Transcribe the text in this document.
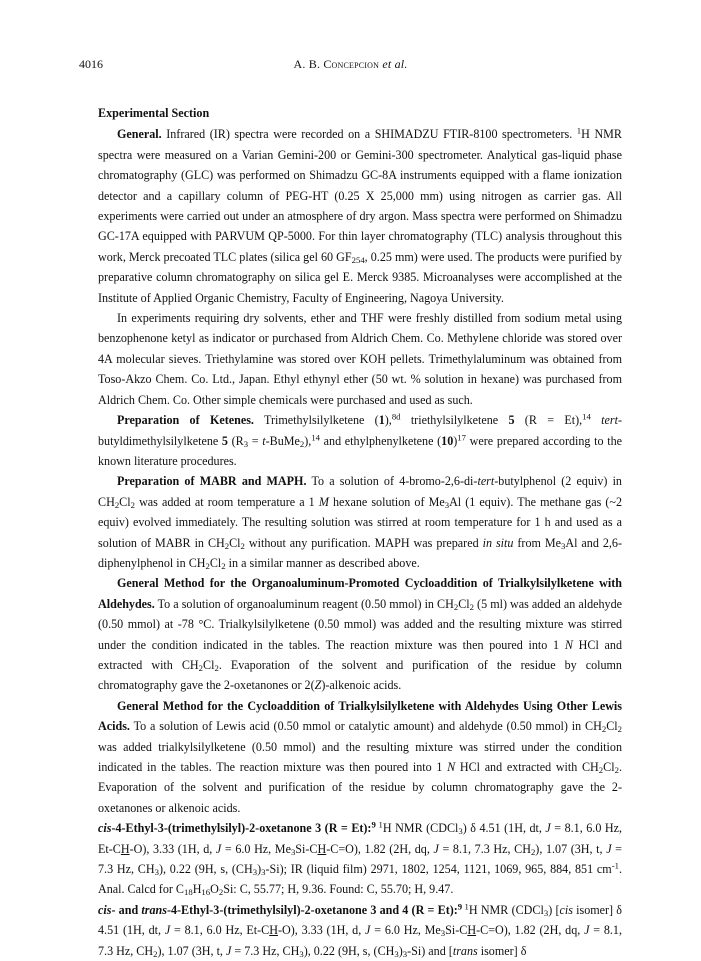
4016	A. B. Concepcion et al.
Experimental Section

General. Infrared (IR) spectra were recorded on a SHIMADZU FTIR-8100 spectrometers. $^1$H NMR spectra were measured on a Varian Gemini-200 or Gemini-300 spectrometer. Analytical gas-liquid phase chromatography (GLC) was performed on Shimadzu GC-8A instruments equipped with a flame ionization detector and a capillary column of PEG-HT (0.25 X 25,000 mm) using nitrogen as carrier gas. All experiments were carried out under an atmosphere of dry argon. Mass spectra were performed on Shimadzu GC-17A equipped with PARVUM QP-5000. For thin layer chromatography (TLC) analysis throughout this work, Merck precoated TLC plates (silica gel 60 $GF_{254}$, 0.25 mm) were used. The products were purified by preparative column chromatography on silica gel E. Merck 9385. Microanalyses were accomplished at the Institute of Applied Organic Chemistry, Faculty of Engineering, Nagoya University.

In experiments requiring dry solvents, ether and THF were freshly distilled from sodium metal using benzophenone ketyl as indicator or purchased from Aldrich Chem. Co. Methylene chloride was stored over 4A molecular sieves. Triethylamine was stored over KOH pellets. Trimethylaluminum was obtained from Toso-Akzo Chem. Co. Ltd., Japan. Ethyl ethynyl ether (50 wt. % solution in hexane) was purchased from Aldrich Chem. Co. Other simple chemicals were purchased and used as such.

Preparation of Ketenes. Trimethylsilylketene (1),$^{8d}$ triethylsilylketene 5 (R = Et),$^{14}$ tert-butyldimethylsilylketene 5 ($R_3$ = t-BuMe$_2$),$^{14}$ and ethylphenylketene $(10)^{17}$ were prepared according to the known literature procedures.

Preparation of MABR and MAPH. To a solution of 4-bromo-2,6-di-tert-butylphenol (2 equiv) in $CH_2Cl_2$ was added at room temperature a 1 M hexane solution of $Me_3Al$ (1 equiv). The methane gas (~2 equiv) evolved immediately. The resulting solution was stirred at room temperature for 1 h and used as a solution of MABR in $CH_2Cl_2$ without any purification. MAPH was prepared in situ from $Me_3Al$ and 2,6-diphenylphenol in $CH_2Cl_2$ in a similar manner as described above.

General Method for the Organoaluminum-Promoted Cycloaddition of Trialkylsilylketene with Aldehydes. To a solution of organoaluminum reagent (0.50 mmol) in $CH_2Cl_2$ (5 ml) was added an aldehyde (0.50 mmol) at -78 °C. Trialkylsilylketene (0.50 mmol) was added and the resulting mixture was stirred under the condition indicated in the tables. The reaction mixture was then poured into 1 N HCl and extracted with $CH_2Cl_2$. Evaporation of the solvent and purification of the residue by column chromatography gave the 2-oxetanones or 2(Z)-alkenoic acids.

General Method for the Cycloaddition of Trialkylsilylketene with Aldehydes Using Other Lewis Acids. To a solution of Lewis acid (0.50 mmol or catalytic amount) and aldehyde (0.50 mmol) in $CH_2Cl_2$ was added trialkylsilylketene (0.50 mmol) and the resulting mixture was stirred under the condition indicated in the tables. The reaction mixture was then poured into 1 N HCl and extracted with $CH_2Cl_2$. Evaporation of the solvent and purification of the residue by column chromatography gave the 2-oxetanones or alkenoic acids.

cis-4-Ethyl-3-(trimethylsilyl)-2-oxetanone 3 (R = Et):$^9$ $^1$H NMR (CDCl$_3$) δ 4.51 (1H, dt, J = 8.1, 6.0 Hz, Et-CH-O), 3.33 (1H, d, J = 6.0 Hz, $Me_3Si-CH-C=O$), 1.82 (2H, dq, J = 8.1, 7.3 Hz, $CH_2$), 1.07 (3H, t, J = 7.3 Hz, $CH_3$), 0.22 (9H, s, $(CH_3)_3-Si$); IR (liquid film) 2971, 1802, 1254, 1121, 1069, 965, 884, 851 $cm^{-1}$. Anal. Calcd for $C_{18}H_{16}O_2Si$: C, 55.77; H, 9.36. Found: C, 55.70; H, 9.47.

cis- and trans-4-Ethyl-3-(trimethylsilyl)-2-oxetanone 3 and 4 (R = Et):$^9$ $^1$H NMR (CDCl$_3$) [cis isomer] δ 4.51 (1H, dt, J = 8.1, 6.0 Hz, Et-CH-O), 3.33 (1H, d, J = 6.0 Hz, $Me_3Si-CH-C=O$), 1.82 (2H, dq, J = 8.1, 7.3 Hz, $CH_2$), 1.07 (3H, t, J = 7.3 Hz, $CH_3$), 0.22 (9H, s, $(CH_3)_3-Si$) and [trans isomer] δ
